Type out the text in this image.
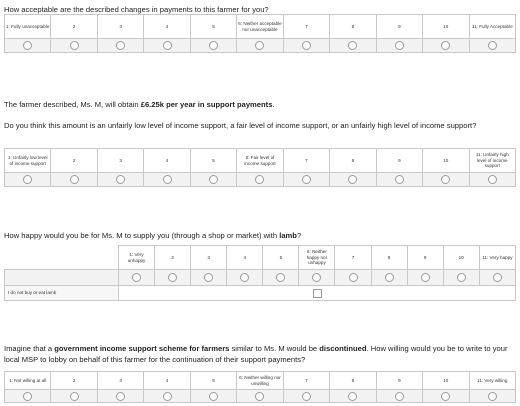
How acceptable are the described changes in payments to this farmer for you?
1: Fully unacceptable	2	3	4	5	6: Neither acceptable nor unacceptable	7	8	9	10	11: Fully Acceptable

The farmer described, Ms. M, will obtain £6.25k per year in support payments.
Do you think this amount is an unfairly low level of income support, a fair level of income support, or an unfairly high level of income support?
1: Unfairly low level of income support	2	3	4	5	6: Fair level of income support	7	8	9	10	11: Unfairly high level of income support

How happy would you be for Ms. M to supply you (through a shop or market) with lamb?
	1: Very unhappy	2	3	4	5	6: Neither happy nor unhappy	7	8	9	10	11: Very happy

I do not buy or eat lamb											
Imagine that a government income support scheme for farmers similar to Ms. M would be discontinued. How willing would you be to write to your local MSP to lobby on behalf of this farmer for the continuation of their support payments?
1: Not willing at all	2	3	4	5	6: Neither willing nor unwilling	7	8	9	10	11: Very willing
